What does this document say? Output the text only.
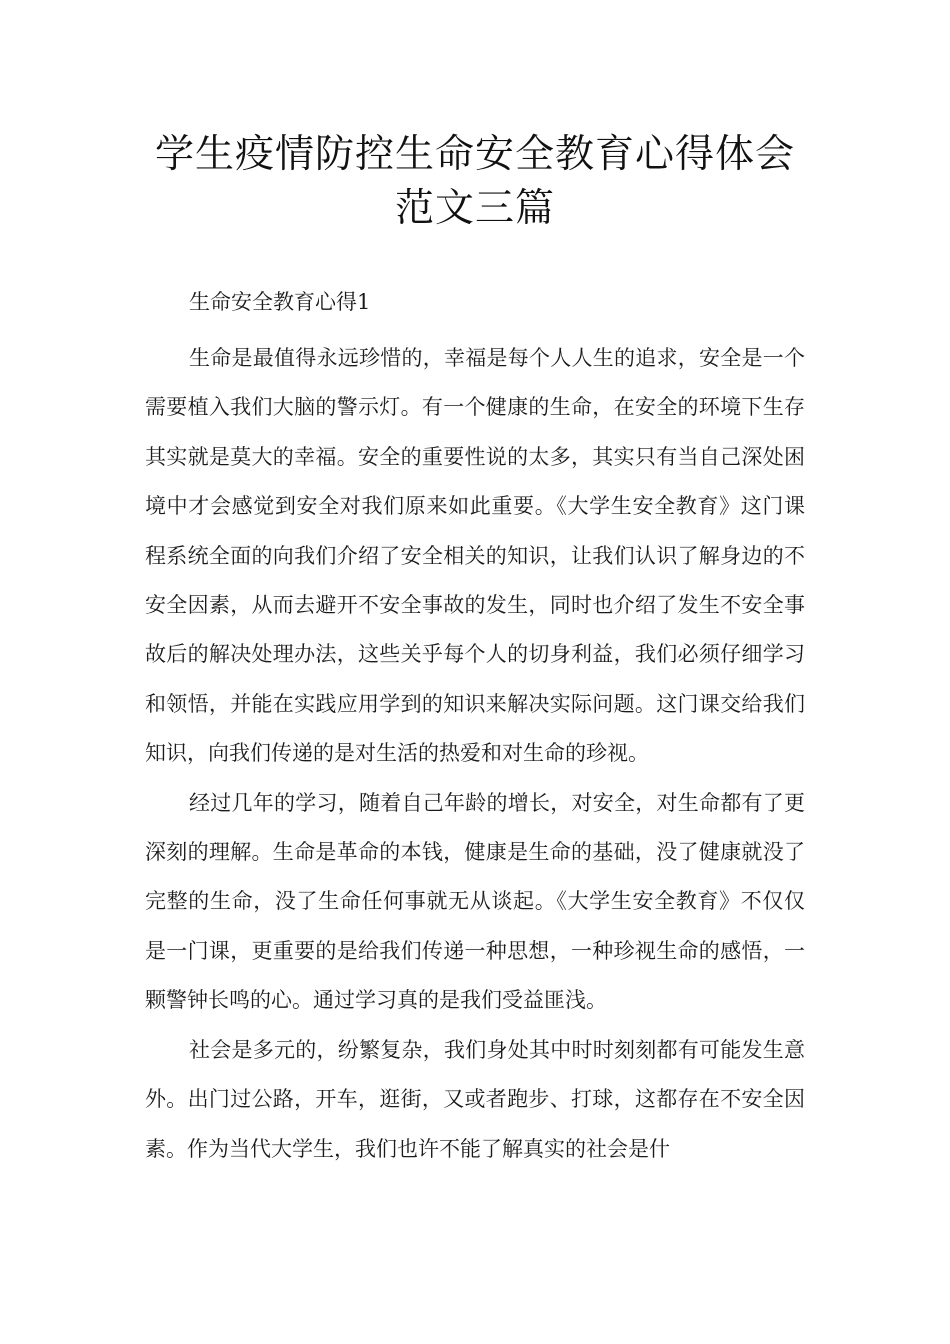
学生疫情防控生命安全教育心得体会范文三篇

生命安全教育心得1

生命是最值得永远珍惜的，幸福是每个人人生的追求，安全是一个需要植入我们大脑的警示灯。有一个健康的生命，在安全的环境下生存其实就是莫大的幸福。安全的重要性说的太多，其实只有当自己深处困境中才会感觉到安全对我们原来如此重要。《大学生安全教育》这门课程系统全面的向我们介绍了安全相关的知识，让我们认识了解身边的不安全因素，从而去避开不安全事故的发生，同时也介绍了发生不安全事故后的解决处理办法，这些关乎每个人的切身利益，我们必须仔细学习和领悟，并能在实践应用学到的知识来解决实际问题。这门课交给我们知识，向我们传递的是对生活的热爱和对生命的珍视。

经过几年的学习，随着自己年龄的增长，对安全，对生命都有了更深刻的理解。生命是革命的本钱，健康是生命的基础，没了健康就没了完整的生命，没了生命任何事就无从谈起。《大学生安全教育》不仅仅是一门课，更重要的是给我们传递一种思想，一种珍视生命的感悟，一颗警钟长鸣的心。通过学习真的是我们受益匪浅。

社会是多元的，纷繁复杂，我们身处其中时时刻刻都有可能发生意外。出门过公路，开车，逛街，又或者跑步、打球，这都存在不安全因素。作为当代大学生，我们也许不能了解真实的社会是什
